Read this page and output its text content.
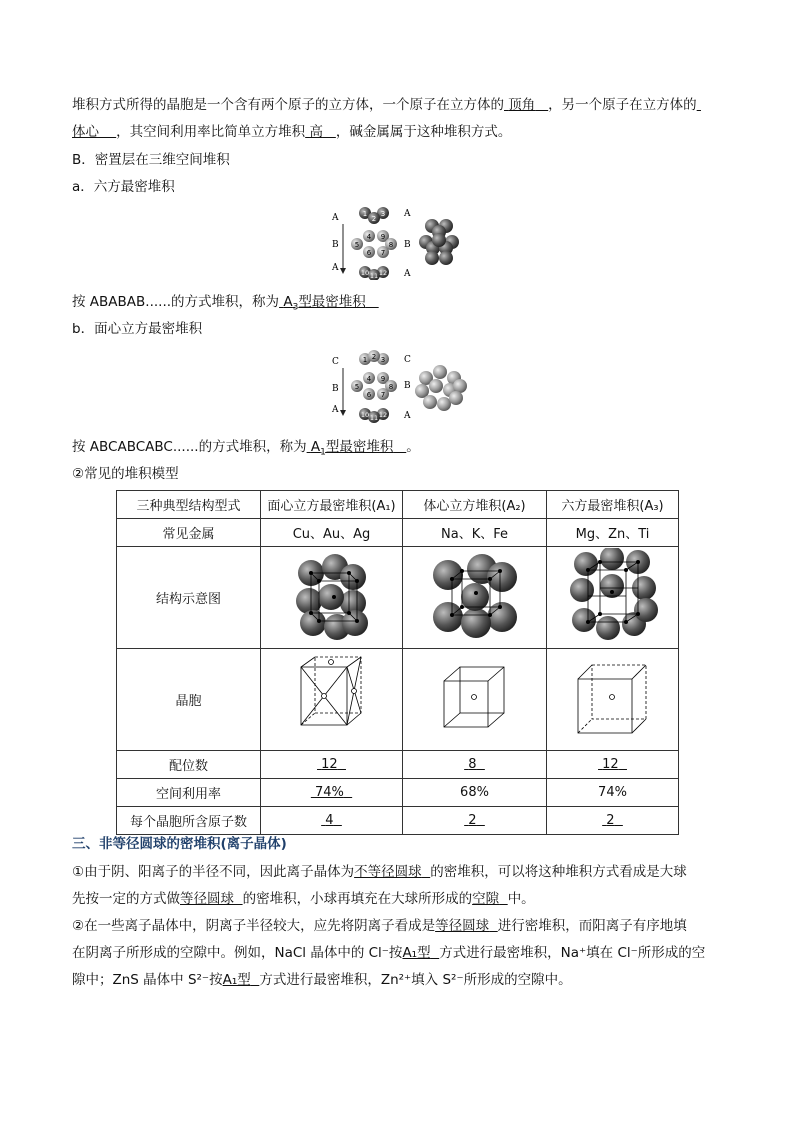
堆积方式所得的晶胞是一个含有两个原子的立方体，一个原子在立方体的 顶角 ，另一个原子在立方体的
体心 ，其空间利用率比简单立方堆积 高 ，碱金属属于这种堆积方式。
B．密置层在三维空间堆积
a．六方最密堆积
A
B
A
1
2
3
4
5
6 7
8
9
10 11 12
A
B
A
按 ABABAB......的方式堆积，称为 $A_3$型最密堆积
b．面心立方最密堆积
C
B
A
1 2 3
4
5
6 7
8
9
10 11 12
C
B
A
按 ABCABCABC......的方式堆积，称为 $A_1$型最密堆积 。
②常见的堆积模型
三种典型结构型式	面心立方最密堆积(A₁)	体心立方堆积(A₂)	六方最密堆积(A₃)
常见金属	Cu、Au、Ag	Na、K、Fe	Mg、Zn、Ti
结构示意图			
晶胞			
配位数	12	8	12
空间利用率	74%	68%	74%
每个晶胞所含原子数	4	2	2
三、非等径圆球的密堆积(离子晶体)
①由于阴、阳离子的半径不同，因此离子晶体为不等径圆球 的密堆积，可以将这种堆积方式看成是大球
先按一定的方式做等径圆球 的密堆积，小球再填充在大球所形成的空隙 中。
②在一些离子晶体中，阴离子半径较大，应先将阴离子看成是等径圆球 进行密堆积，而阳离子有序地填
在阴离子所形成的空隙中。例如，NaCl 晶体中的 Cl⁻按A₁型 方式进行最密堆积，Na⁺填在 Cl⁻所形成的空
隙中；ZnS 晶体中 S²⁻按A₁型 方式进行最密堆积，Zn²⁺填入 S²⁻所形成的空隙中。
